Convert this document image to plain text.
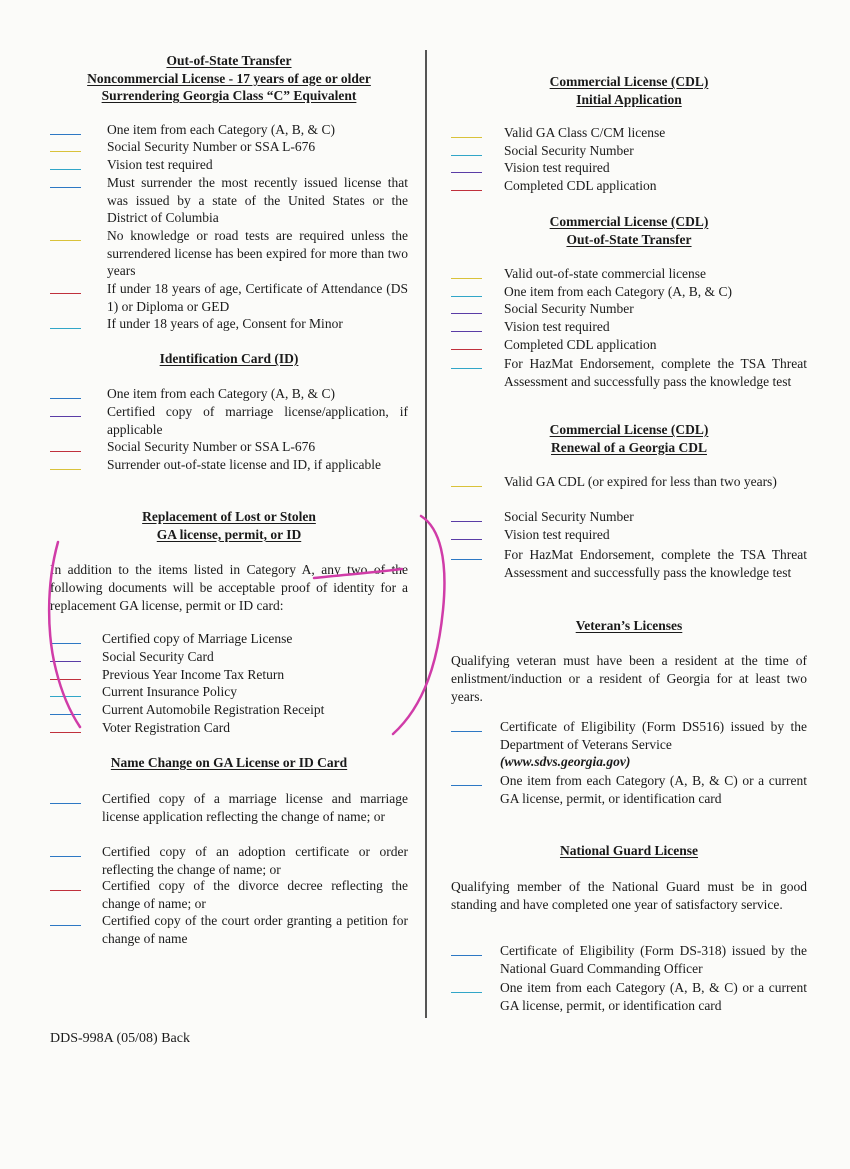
Out-of-State Transfer
Noncommercial License - 17 years of age or older
Surrendering Georgia Class “C” Equivalent
One item from each Category (A, B, & C)
Social Security Number or SSA L-676
Vision test required
Must surrender the most recently issued license that was issued by a state of the United States or the District of Columbia
No knowledge or road tests are required unless the surrendered license has been expired for more than two years
If under 18 years of age, Certificate of Attendance (DS 1) or Diploma or GED
If under 18 years of age, Consent for Minor
Identification Card (ID)
One item from each Category (A, B, & C)
Certified copy of marriage license/application, if applicable
Social Security Number or SSA L-676
Surrender out-of-state license and ID, if applicable
Replacement of Lost or Stolen
GA license, permit, or ID
In addition to the items listed in Category A, any two of the following documents will be acceptable proof of identity for a replacement GA license, permit or ID card:
Certified copy of Marriage License
Social Security Card
Previous Year Income Tax Return
Current Insurance Policy
Current Automobile Registration Receipt
Voter Registration Card
Name Change on GA License or ID Card
Certified copy of a marriage license and marriage license application reflecting the change of name; or
Certified copy of an adoption certificate or order reflecting the change of name; or
Certified copy of the divorce decree reflecting the change of name; or
Certified copy of the court order granting a petition for change of name
Commercial License (CDL)
Initial Application
Valid GA Class C/CM license
Social Security Number
Vision test required
Completed CDL application
Commercial License (CDL)
Out-of-State Transfer
Valid out-of-state commercial license
One item from each Category (A, B, & C)
Social Security Number
Vision test required
Completed CDL application
For HazMat Endorsement, complete the TSA Threat Assessment and successfully pass the knowledge test
Commercial License (CDL)
Renewal of a Georgia CDL
Valid GA CDL (or expired for less than two years)
Social Security Number
Vision test required
For HazMat Endorsement, complete the TSA Threat Assessment and successfully pass the knowledge test
Veteran’s Licenses
Qualifying veteran must have been a resident at the time of enlistment/induction or a resident of Georgia for at least two years.
Certificate of Eligibility (Form DS516) issued by the Department of Veterans Service
(www.sdvs.georgia.gov)
One item from each Category (A, B, & C) or a current GA license, permit, or identification card
National Guard License
Qualifying member of the National Guard must be in good standing and have completed one year of satisfactory service.
Certificate of Eligibility (Form DS-318) issued by the National Guard Commanding Officer
One item from each Category (A, B, & C) or a current GA license, permit, or identification card
DDS-998A (05/08) Back
